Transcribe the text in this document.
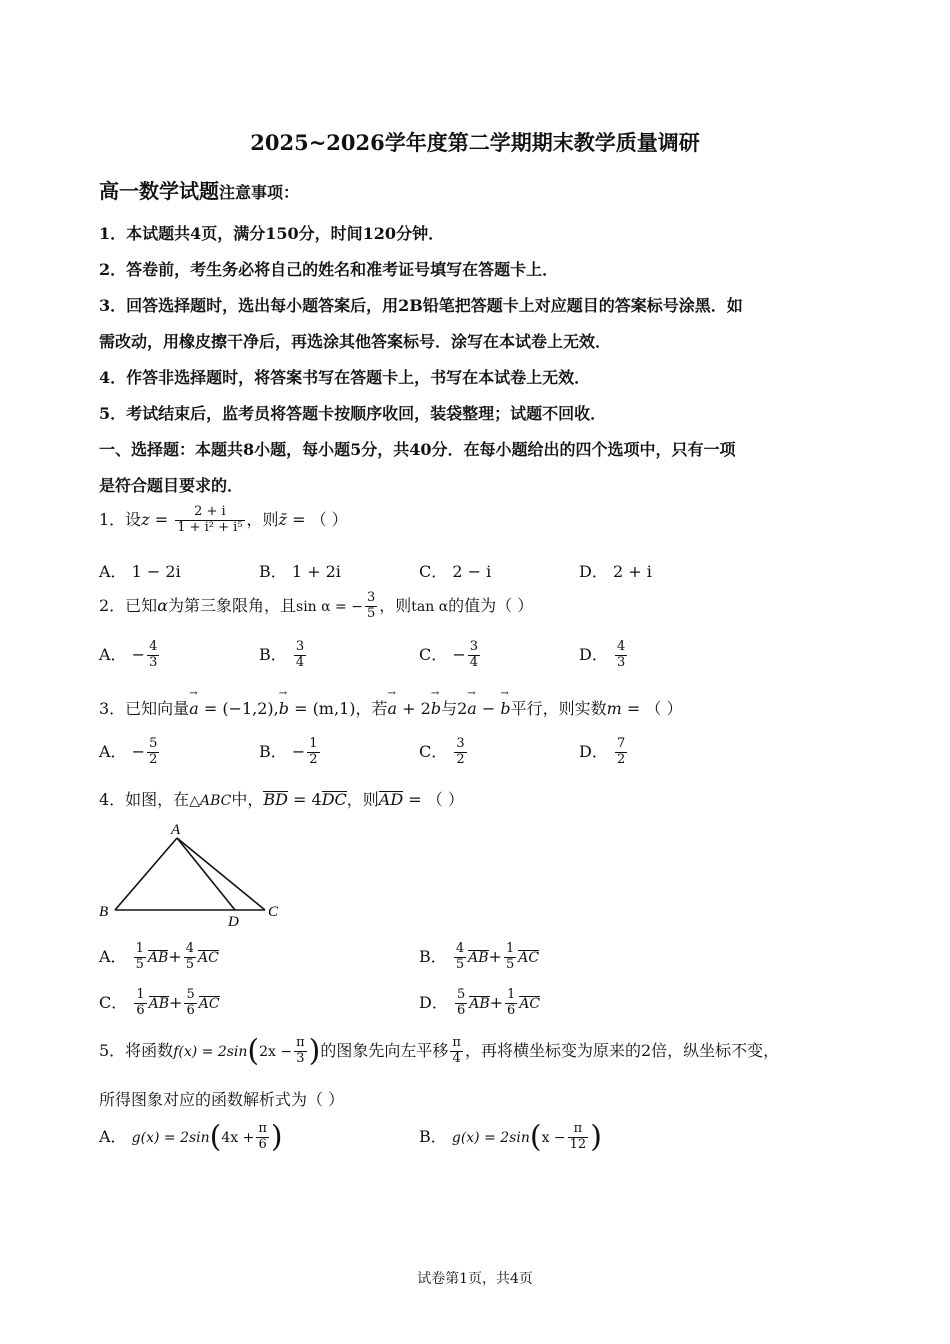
2025~2026学年度第二学期期末教学质量调研
高一数学试题注意事项：
1．本试题共4页，满分150分，时间120分钟．
2．答卷前，考生务必将自己的姓名和准考证号填写在答题卡上．
3．回答选择题时，选出每小题答案后，用2B铅笔把答题卡上对应题目的答案标号涂黑．如
需改动，用橡皮擦干净后，再选涂其他答案标号．涂写在本试卷上无效．
4．作答非选择题时，将答案书写在答题卡上，书写在本试卷上无效．
5．考试结束后，监考员将答题卡按顺序收回，装袋整理；试题不回收．
一、选择题：本题共8小题，每小题5分，共40分．在每小题给出的四个选项中，只有一项
是符合题目要求的．
1．设$z = \frac{2 + i}{\text{1 + i² + i⁵}}$ ，则z̄ = （ ）
A． 1 − 2i	B． 1 + 2i	C． 2 − i	D． 2 + i
2．已知α为第三象限角，且sin α = − $\frac{3}{5}$ ，则tan α的值为（ ）
A． − $\frac{4}{3}$	B． $\frac{3}{4}$	C． − $\frac{3}{4}$	D． $\frac{4}{3}$
3．已知向量→ a = (−1,2),→ b = (m,1)，若→ a + 2→ b与2→ a − → b平行，则实数m = （ ）
A． − $\frac{5}{2}$	B． − $\frac{1}{2}$	C． $\frac{3}{2}$	D． $\frac{7}{2}$
4．如图，在△ABC中，BD = 4DC，则AD = （ ）
A
B	C
D
A． $\frac{1}{5} AB+ \frac{4}{5}$ AC	B． $\frac{4}{5} AB+ \frac{1}{5}$ AC
C． $\frac{1}{6} AB+ \frac{5}{6}$ AC	D． $\frac{5}{6} AB+ \frac{1}{6}$ AC
5．将函数$f(x) = 2\sin(2x - \frac{\pi}{3}$ )的图象先向左平移 $\frac{\pi}{4}$ ，再将横坐标变为原来的2倍，纵坐标不变，
所得图象对应的函数解析式为（ ）
A． $g(x) = 2\sin(4x + \frac{\pi}{6}$ )	B． $g(x) = 2\sin(x - \frac{\pi}{12}$ )
试卷第1页，共4页
